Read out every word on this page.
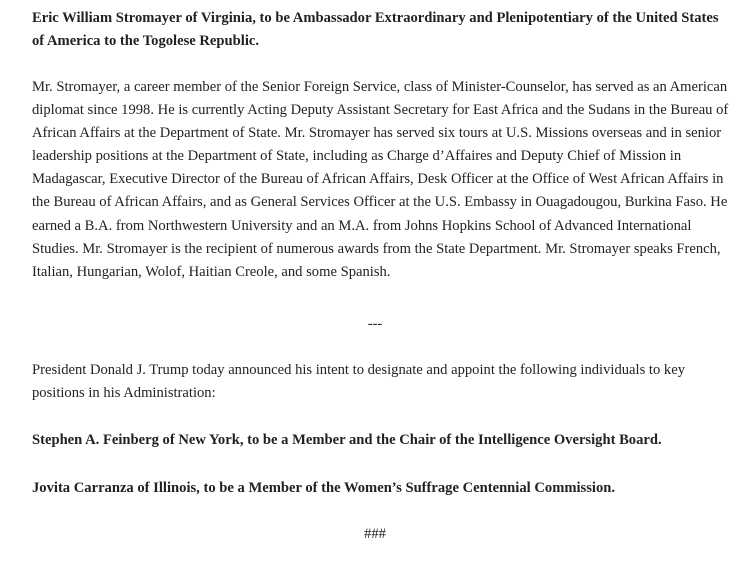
Eric William Stromayer of Virginia, to be Ambassador Extraordinary and Plenipotentiary of the United States of America to the Togolese Republic.

Mr. Stromayer, a career member of the Senior Foreign Service, class of Minister-Counselor, has served as an American diplomat since 1998. He is currently Acting Deputy Assistant Secretary for East Africa and the Sudans in the Bureau of African Affairs at the Department of State. Mr. Stromayer has served six tours at U.S. Missions overseas and in senior leadership positions at the Department of State, including as Charge d’Affaires and Deputy Chief of Mission in Madagascar, Executive Director of the Bureau of African Affairs, Desk Officer at the Office of West African Affairs in the Bureau of African Affairs, and as General Services Officer at the U.S. Embassy in Ouagadougou, Burkina Faso. He earned a B.A. from Northwestern University and an M.A. from Johns Hopkins School of Advanced International Studies. Mr. Stromayer is the recipient of numerous awards from the State Department. Mr. Stromayer speaks French, Italian, Hungarian, Wolof, Haitian Creole, and some Spanish.

---

President Donald J. Trump today announced his intent to designate and appoint the following individuals to key positions in his Administration:

Stephen A. Feinberg of New York, to be a Member and the Chair of the Intelligence Oversight Board.

Jovita Carranza of Illinois, to be a Member of the Women’s Suffrage Centennial Commission.

###
